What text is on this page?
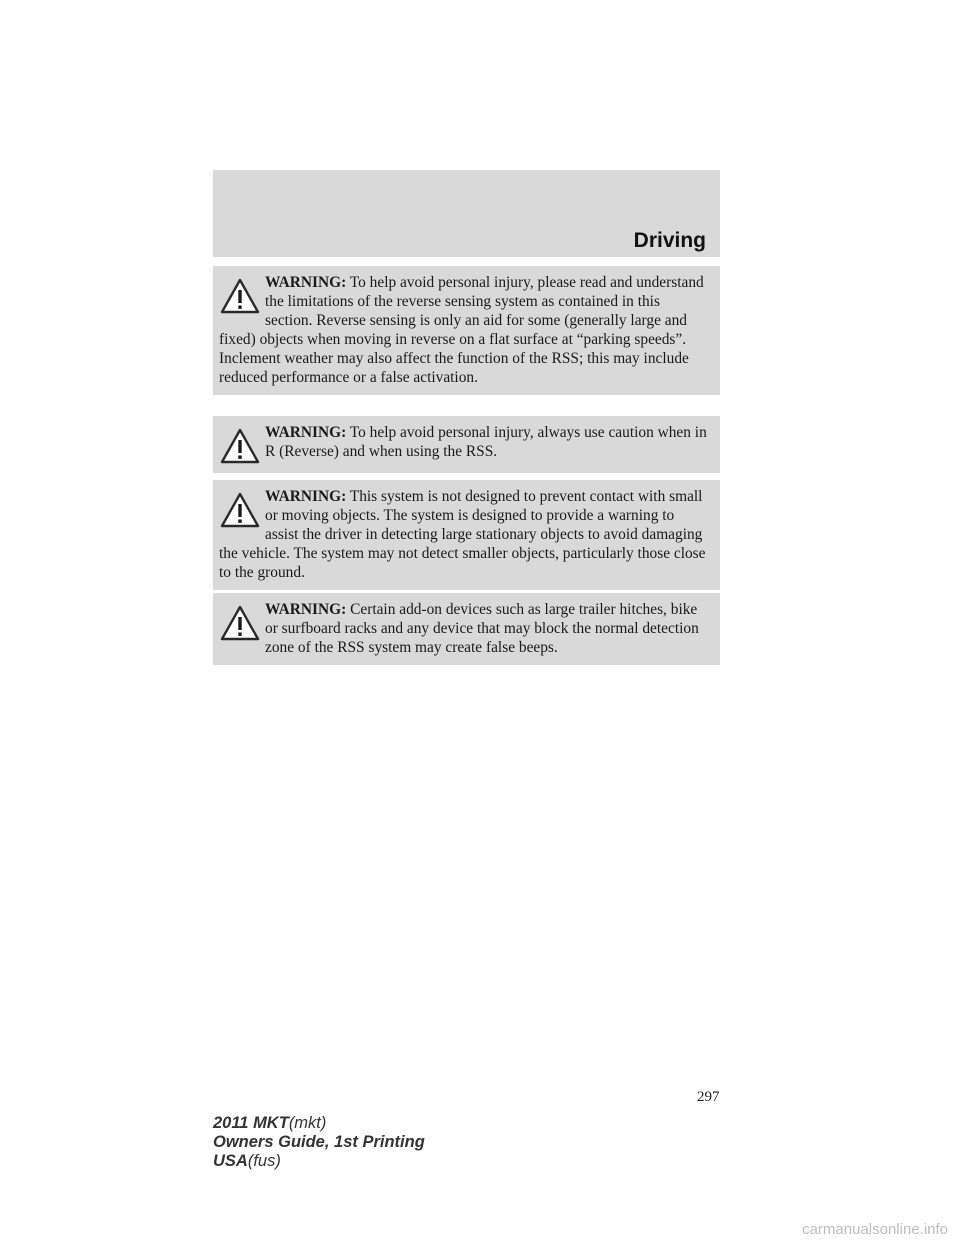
Driving
WARNING: To help avoid personal injury, please read and understand the limitations of the reverse sensing system as contained in this section. Reverse sensing is only an aid for some (generally large and fixed) objects when moving in reverse on a flat surface at “parking speeds”. Inclement weather may also affect the function of the RSS; this may include reduced performance or a false activation.
WARNING: To help avoid personal injury, always use caution when in R (Reverse) and when using the RSS.
WARNING: This system is not designed to prevent contact with small or moving objects. The system is designed to provide a warning to assist the driver in detecting large stationary objects to avoid damaging the vehicle. The system may not detect smaller objects, particularly those close to the ground.
WARNING: Certain add-on devices such as large trailer hitches, bike or surfboard racks and any device that may block the normal detection zone of the RSS system may create false beeps.
297
2011 MKT(mkt)
Owners Guide, 1st Printing
USA(fus)
carmanualsonline.info
